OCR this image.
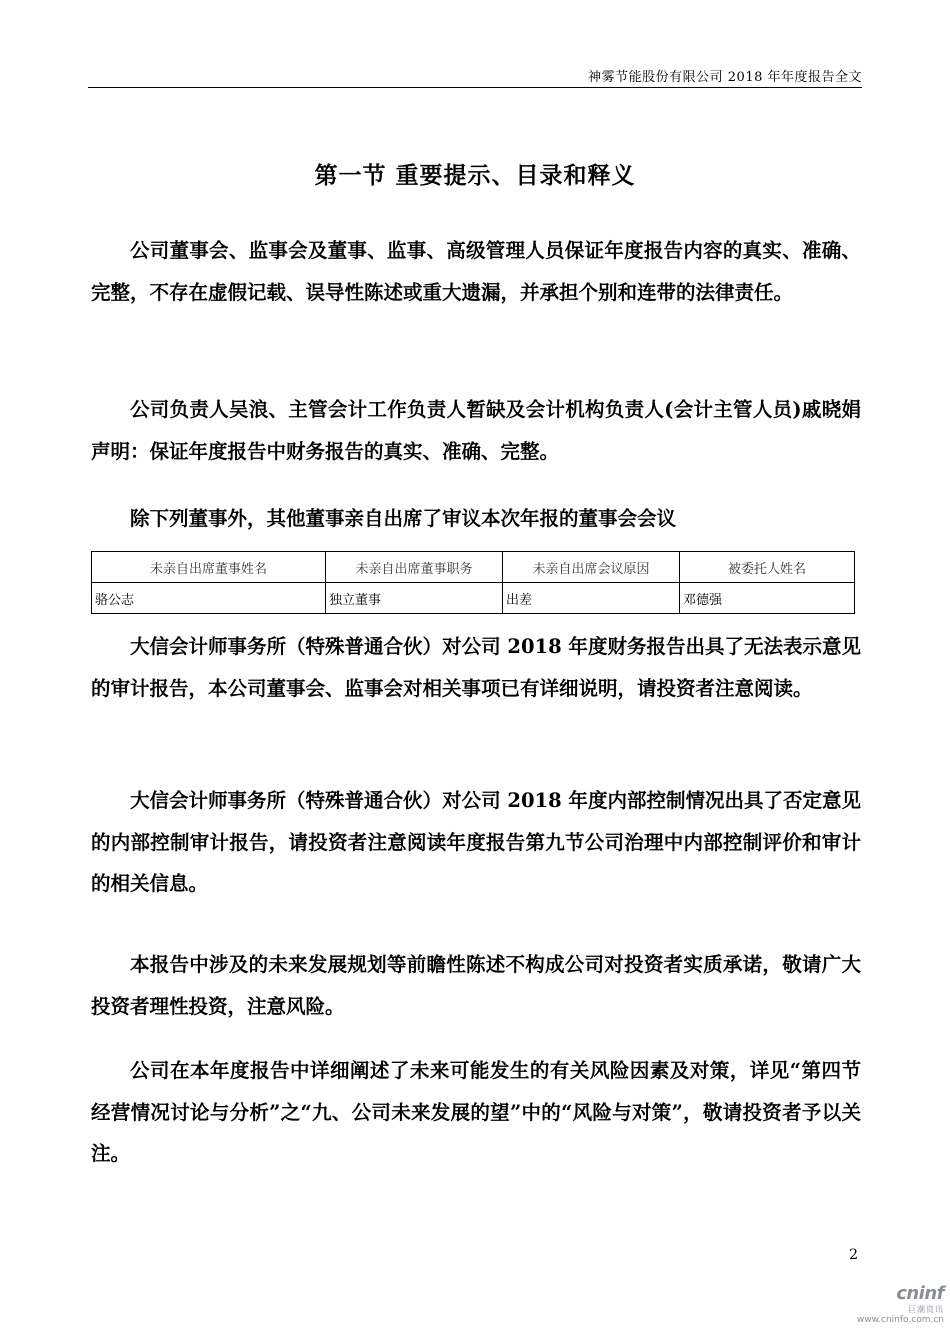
神雾节能股份有限公司 2018 年年度报告全文
第一节 重要提示、目录和释义

公司董事会、监事会及董事、监事、高级管理人员保证年度报告内容的真实、准确、完整，不存在虚假记载、误导性陈述或重大遗漏，并承担个别和连带的法律责任。

公司负责人吴浪、主管会计工作负责人暂缺及会计机构负责人(会计主管人员)戚晓娟声明：保证年度报告中财务报告的真实、准确、完整。

除下列董事外，其他董事亲自出席了审议本次年报的董事会会议

未亲自出席董事姓名	未亲自出席董事职务	未亲自出席会议原因	被委托人姓名
骆公志	独立董事	出差	邓德强

大信会计师事务所（特殊普通合伙）对公司 2018 年度财务报告出具了无法表示意见的审计报告，本公司董事会、监事会对相关事项已有详细说明，请投资者注意阅读。

大信会计师事务所（特殊普通合伙）对公司 2018 年度内部控制情况出具了否定意见的内部控制审计报告，请投资者注意阅读年度报告第九节公司治理中内部控制评价和审计的相关信息。

本报告中涉及的未来发展规划等前瞻性陈述不构成公司对投资者实质承诺，敬请广大投资者理性投资，注意风险。

公司在本年度报告中详细阐述了未来可能发生的有关风险因素及对策，详见“第四节经营情况讨论与分析”之“九、公司未来发展的望”中的“风险与对策”，敬请投资者予以关注。

2
cninf
巨潮资讯
www.cninfo.com.cn
